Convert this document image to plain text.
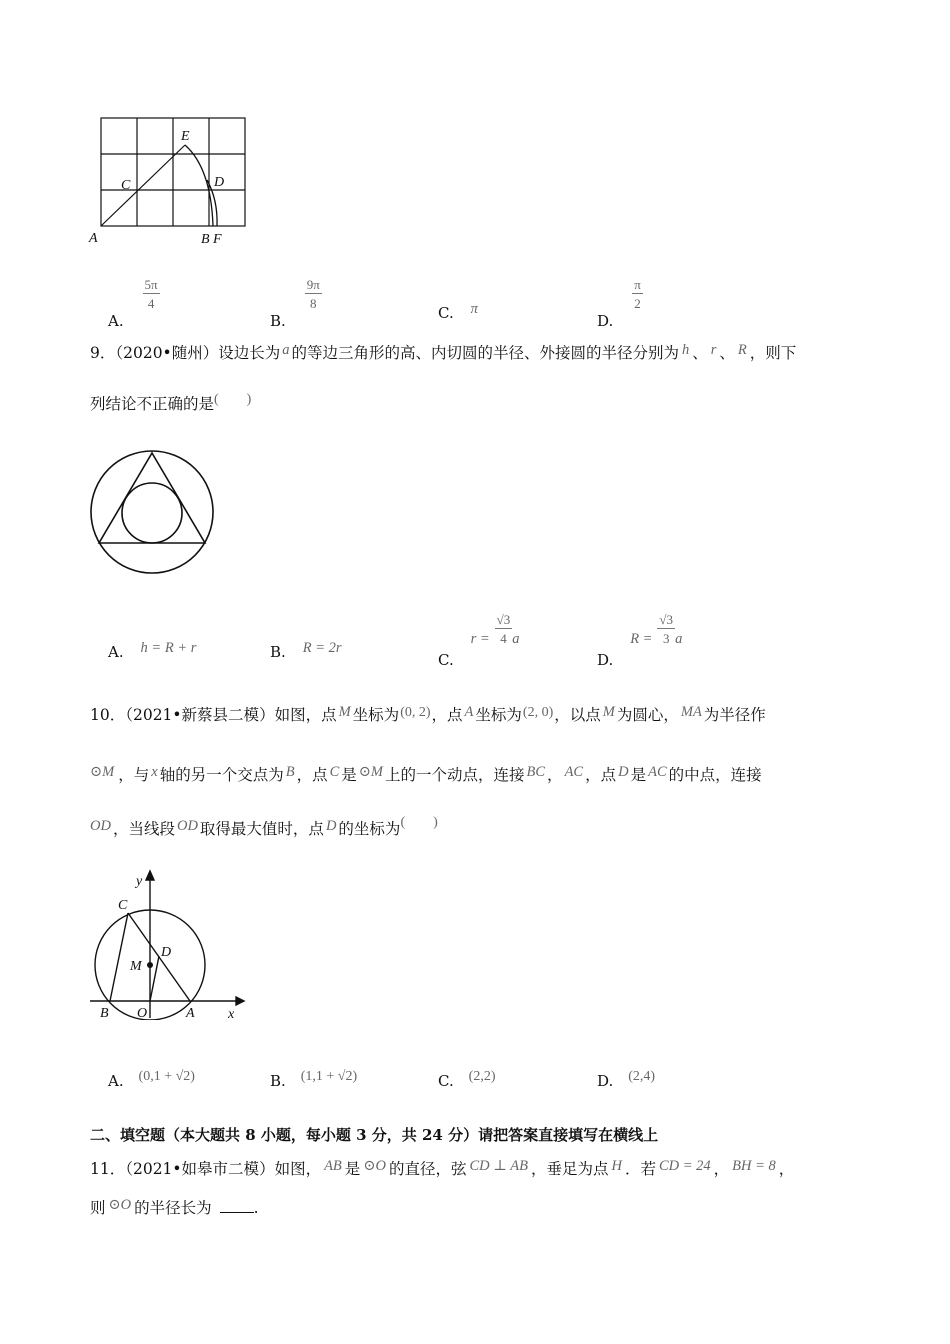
E
C	D
A	B F
A.
$\frac{5\pi}{4}$
B.
$\frac{9\pi}{8}$
C. π
D.
$\frac{\pi}{2}$
9．（2020•随州）设边长为 a 的等边三角形的高、内切圆的半径、外接圆的半径分别为 h 、 r 、 R ，则下
列结论不正确的是(　　)
A. h = R + r	B. R = 2r
C. $r = \frac{√3}{4}$ a
D. $R = \frac{√3}{3}$ a
10．（2021•新蔡县二模）如图，点 M 坐标为(0, 2)，点 A 坐标为(2, 0)，以点 M 为圆心， MA 为半径作
⊙M ，与 x 轴的另一个交点为 B ，点 C 是 ⊙M 上的一个动点，连接 BC ， AC ，点 D 是 AC 的中点，连接
OD ，当线段 OD 取得最大值时，点 D 的坐标为(　　)
y
C
D
M
B O	A x
A. (0,1 + √2)	B. (1,1 + √2)	C. (2,2)	D. (2,4)
二、填空题（本大题共 8 小题，每小题 3 分，共 24 分）请把答案直接填写在横线上
11．（2021•如皋市二模）如图， AB 是 ⊙O 的直径，弦 CD ⊥ AB ，垂足为点 H ．若 CD = 24 ， BH = 8 ，
则 ⊙O 的半径长为	.
